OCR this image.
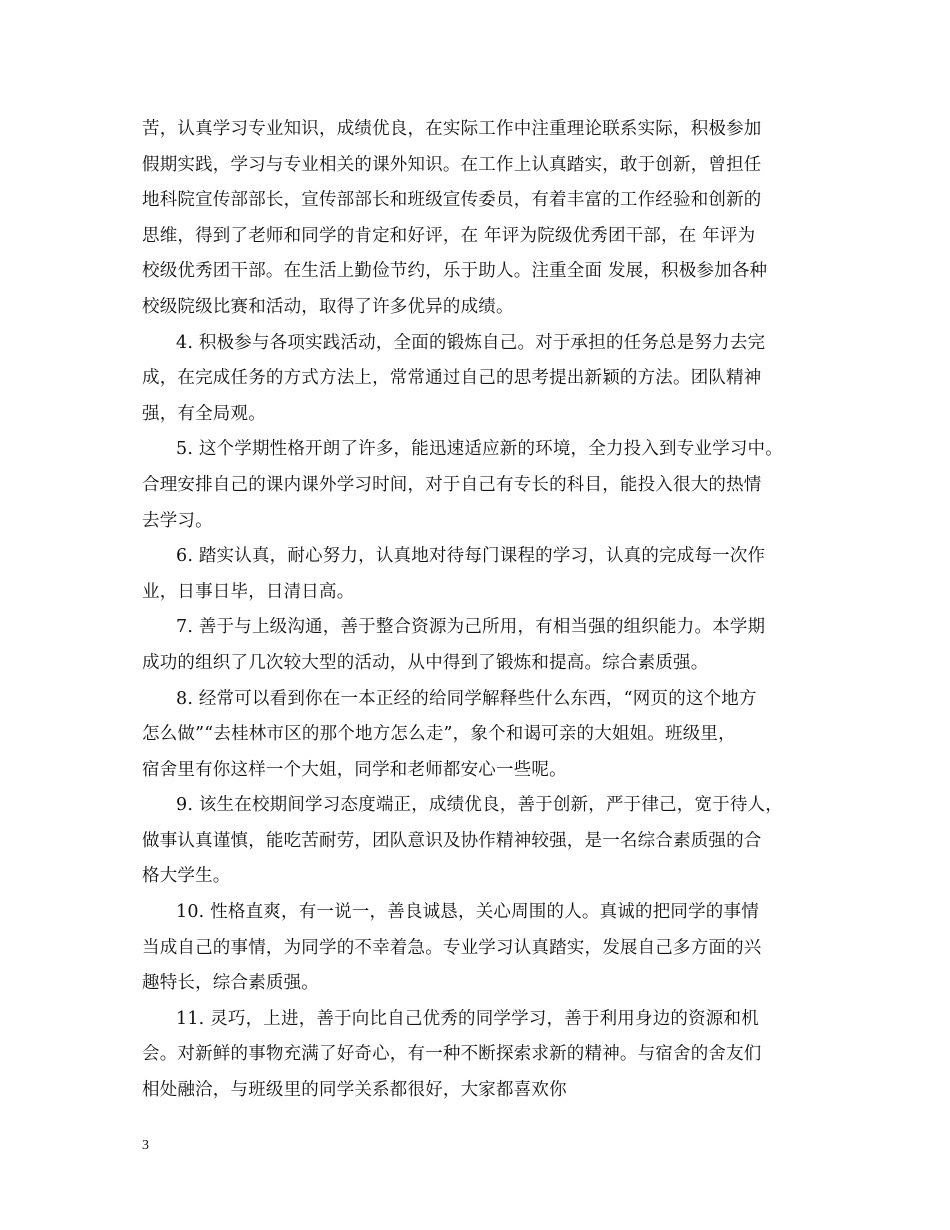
苦，认真学习专业知识，成绩优良，在实际工作中注重理论联系实际，积极参加
假期实践，学习与专业相关的课外知识。在工作上认真踏实，敢于创新，曾担任
地科院宣传部部长，宣传部部长和班级宣传委员，有着丰富的工作经验和创新的
思维，得到了老师和同学的肯定和好评，在 年评为院级优秀团干部，在 年评为
校级优秀团干部。在生活上勤俭节约，乐于助人。注重全面 发展，积极参加各种
校级院级比赛和活动，取得了许多优异的成绩。
4. 积极参与各项实践活动，全面的锻炼自己。对于承担的任务总是努力去完
成，在完成任务的方式方法上，常常通过自己的思考提出新颖的方法。团队精神
强，有全局观。
5. 这个学期性格开朗了许多，能迅速适应新的环境，全力投入到专业学习中。
合理安排自己的课内课外学习时间，对于自己有专长的科目，能投入很大的热情
去学习。
6. 踏实认真，耐心努力，认真地对待每门课程的学习，认真的完成每一次作
业，日事日毕，日清日高。
7. 善于与上级沟通，善于整合资源为己所用，有相当强的组织能力。本学期
成功的组织了几次较大型的活动，从中得到了锻炼和提高。综合素质强。
8. 经常可以看到你在一本正经的给同学解释些什么东西，“网页的这个地方
怎么做”“去桂林市区的那个地方怎么走”，象个和谒可亲的大姐姐。班级里，
宿舍里有你这样一个大姐，同学和老师都安心一些呢。
9. 该生在校期间学习态度端正，成绩优良，善于创新，严于律己，宽于待人，
做事认真谨慎，能吃苦耐劳，团队意识及协作精神较强，是一名综合素质强的合
格大学生。
10. 性格直爽，有一说一，善良诚恳，关心周围的人。真诚的把同学的事情
当成自己的事情，为同学的不幸着急。专业学习认真踏实，发展自己多方面的兴
趣特长，综合素质强。
11. 灵巧，上进，善于向比自己优秀的同学学习，善于利用身边的资源和机
会。对新鲜的事物充满了好奇心，有一种不断探索求新的精神。与宿舍的舍友们
相处融洽，与班级里的同学关系都很好，大家都喜欢你
3
